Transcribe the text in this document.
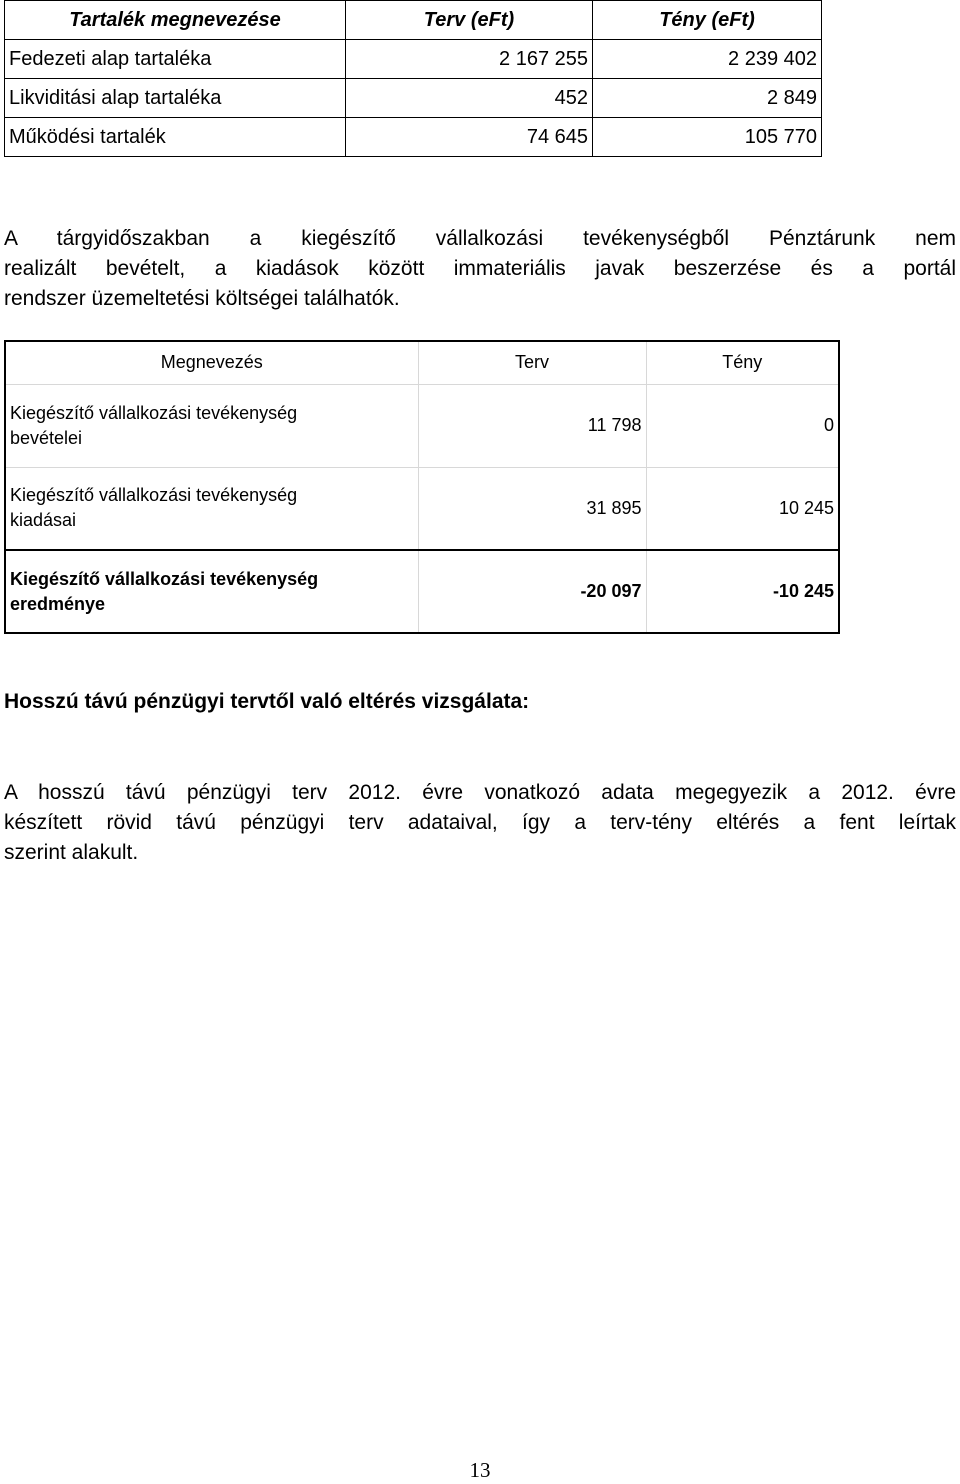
Tartalék megnevezése	Terv (eFt)	Tény (eFt)
Fedezeti alap tartaléka	2 167 255	2 239 402
Likviditási alap tartaléka	452	2 849
Működési tartalék	74 645	105 770
A tárgyidőszakban a kiegészítő vállalkozási tevékenységből Pénztárunk nem
realizált bevételt, a kiadások között immateriális javak beszerzése és a portál
rendszer üzemeltetési költségei találhatók.
Megnevezés	Terv	Tény
Kiegészítő vállalkozási tevékenység
bevételei	11 798	0
Kiegészítő vállalkozási tevékenység
kiadásai	31 895	10 245
Kiegészítő vállalkozási tevékenység
eredménye	-20 097	-10 245
Hosszú távú pénzügyi tervtől való eltérés vizsgálata:
A hosszú távú pénzügyi terv 2012. évre vonatkozó adata megegyezik a 2012. évre
készített rövid távú pénzügyi terv adataival, így a terv-tény eltérés a fent leírtak
szerint alakult.
13
